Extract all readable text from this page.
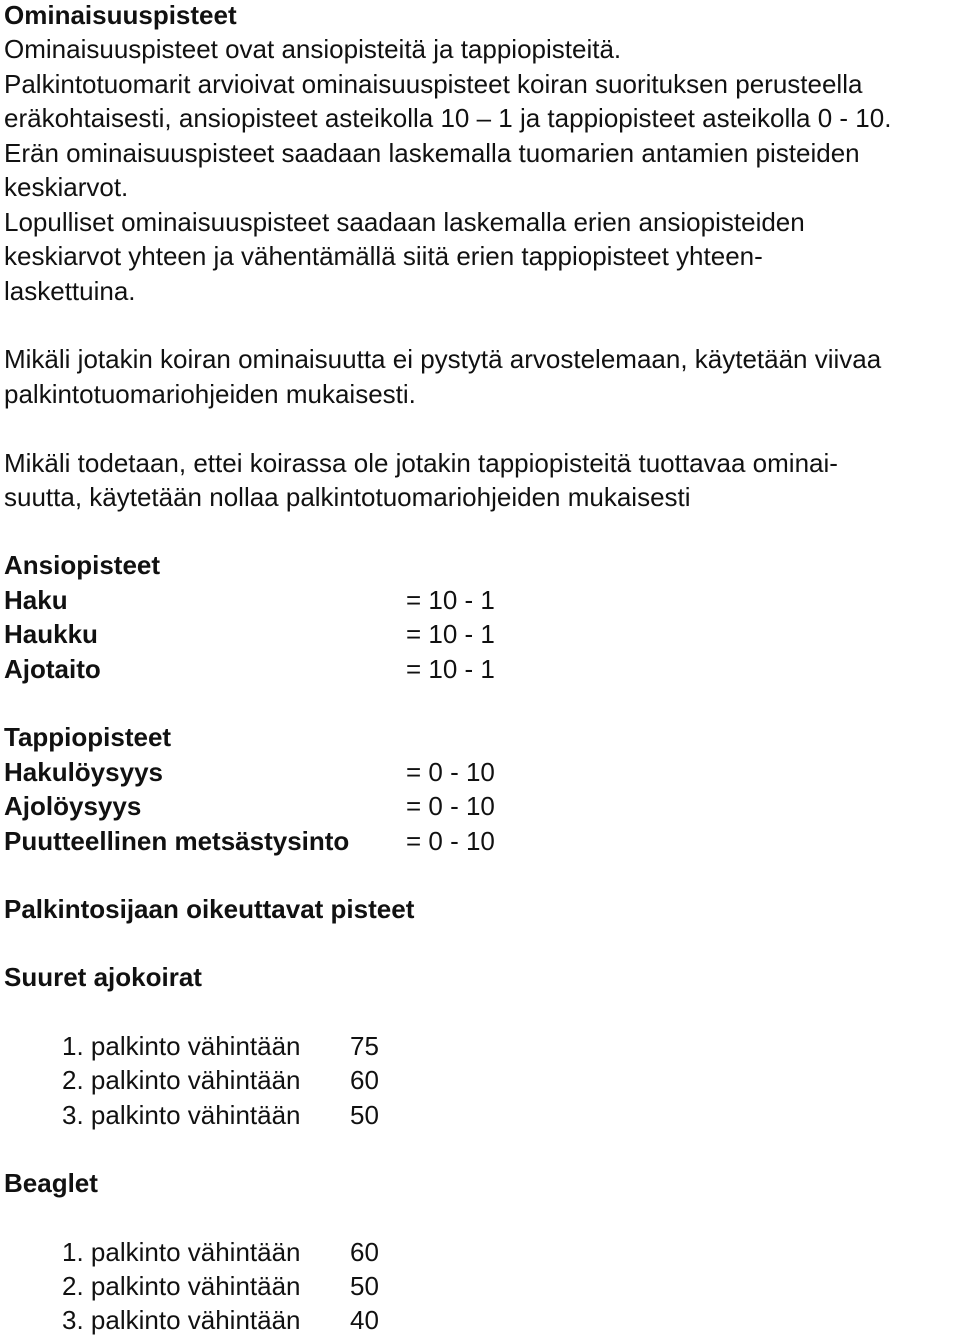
Ominaisuuspisteet
Ominaisuuspisteet ovat ansiopisteitä ja tappiopisteitä.
Palkintotuomarit arvioivat ominaisuuspisteet koiran suorituksen perusteella
eräkohtaisesti, ansiopisteet asteikolla 10 – 1 ja tappiopisteet asteikolla 0 - 10.
Erän ominaisuuspisteet saadaan laskemalla tuomarien antamien pisteiden
keskiarvot.
Lopulliset ominaisuuspisteet saadaan laskemalla erien ansiopisteiden
keskiarvot yhteen ja vähentämällä siitä erien tappiopisteet yhteen-
laskettuina.
Mikäli jotakin koiran ominaisuutta ei pystytä arvostelemaan, käytetään viivaa
palkintotuomariohjeiden mukaisesti.
Mikäli todetaan, ettei koirassa ole jotakin tappiopisteitä tuottavaa ominai-
suutta, käytetään nollaa palkintotuomariohjeiden mukaisesti
Ansiopisteet
Haku	= 10 - 1
Haukku	= 10 - 1
Ajotaito	= 10 - 1
Tappiopisteet
Hakulöysyys	= 0 - 10
Ajolöysyys	= 0 - 10
Puutteellinen metsästysinto = 0 - 10
Palkintosijaan oikeuttavat pisteet
Suuret ajokoirat
1. palkinto vähintään 75
2. palkinto vähintään 60
3. palkinto vähintään 50
Beaglet
1. palkinto vähintään 60
2. palkinto vähintään 50
3. palkinto vähintään 40
